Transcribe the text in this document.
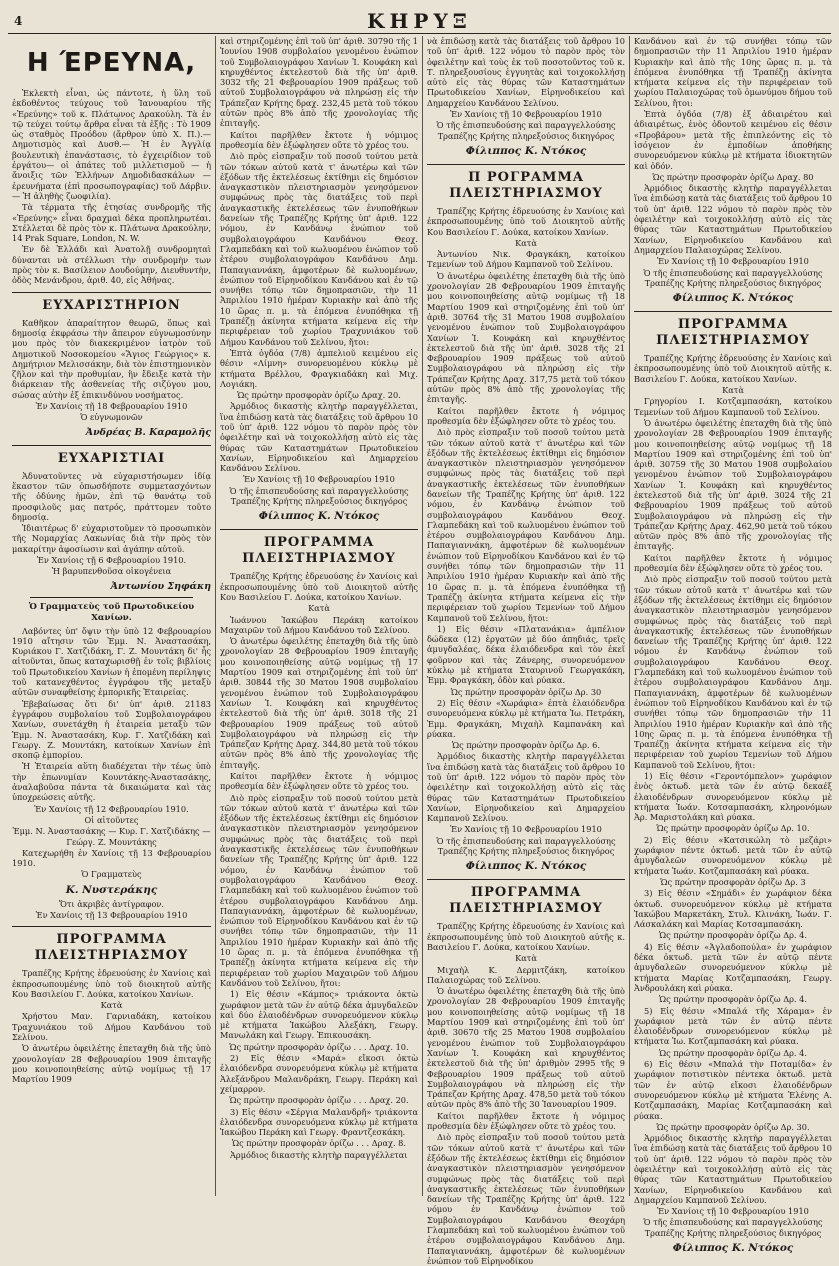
4	ΚΗΡΥΞ
Η ΈΡΕΥΝΑ,

Ἐκλεκτὴ εἶναι, ὡς πάντοτε, ἡ ὕλη τοῦ ἐκδοθέντος τεύχους τοῦ Ἰανουαρίου τῆς «Ἐρεύνης» τοῦ κ. Πλάτωνος Δρακούλη. Τὰ ἐν τῷ τεύχει τούτῳ ἄρθρα εἶναι τὰ ἑξῆς : Τὸ 1909 ὡς σταθμὸς Προόδου (ἄρθρον ὑπὸ Χ. Π.).— Δημοτισμὸς καὶ Δυσθ.— Ἡ ἐν Ἀγγλίᾳ βουλευτικὴ ἐπανάστασις, τὸ ἐγχειρίδιον τοῦ ἐργάτου— οἱ ἀπάτες τοῦ μιλλετισμοῦ — ἡ ἄνοιξις τῶν Ἑλλήνων Δημοδιδασκάλων — ἐρευνήματα (ἐπὶ προσωπογραφίας) τοῦ Δάρβιν. — Ἡ ἀληθὴς ζωοφιλία).

Τὰ τέρματα τῆς ἐτησίας συνδρομῆς τῆς «Ἐρεύνης» εἶναι δραχμαὶ δέκα προπληρωτέαι. Στέλλεται δὲ πρὸς τὸν κ. Πλάτωνα Δρακούλην, 14 Prak Square, London, N. W.

Ἐν δὲ Ἑλλάδι καὶ Ἀνατολῇ συνδρομηταὶ δύνανται νὰ στέλλωσι τὴν συνδρομὴν των πρὸς τὸν κ. Βασίλειον Δουδούμην, Διευθυντὴν, ὁδὸς Μενάνδρου, ἀριθ. 40, εἰς Ἀθήνας.

ΕΥΧΑΡΙΣΤΗΡΙΟΝ

Καθῆκον ἀπαραίτητον θεωρῶ, ὅπως καὶ δημοσίᾳ ἐκφράσω τὴν ἄπειρον εὐγνωμοσύνην μου πρὸς τὸν διακεκριμένον ἰατρὸν τοῦ Δημοτικοῦ Νοσοκομείου «Ἅγιος Γεώργιος» κ. Δημήτριον Μελισσάκην, διὰ τὸν ἐπιστημονικὸν ζῆλον καὶ τὴν προθυμίαν, ἣν ἔδειξε κατὰ τὴν διάρκειαν τῆς ἀσθενείας τῆς σιζύγου μου, σώσας αὐτὴν ἐξ ἐπικινδύνου νοσήματος.

Ἐν Χανίοις τῇ 18 Φεβρουαρίου 1910

Ὁ εὐγνωμονῶν

Ἀνδρέας Β. Καραμολῆς
ΕΥΧΑΡΙΣΤΙΑΙ

Ἀδυνατοῦντες νὰ εὐχαριστήσωμεν ἰδίᾳ ἕκαστον τῶν ὁπωσδήποτε συμμετασχόντων τῆς ὀδύνης ἡμῶν, ἐπὶ τῷ θανάτῳ τοῦ προσφιλοῦς μας πατρός, πράττομεν τοῦτο δημοσίᾳ.

Ἰδιαιτέρως δ' εὐχαριστοῦμεν τὸ προσωπικὸν τῆς Νομαρχίας Λακωνίας διὰ τὴν πρὸς τὸν μακαρίτην ἀφοσίωσιν καὶ ἀγάπην αὐτοῦ.

Ἐν Χανίοις τῇ 6 Φεβρουαρίου 1910.

Ἡ βαρυπενθοῦσα οἰκογένεια

Ἀντωνίου Σηφάκη
Ὁ Γραμματεὺς τοῦ Πρωτοδικείου Χανίων.

Λαβόντες ὑπ' ὄψιν τὴν ὑπὸ 12 Φεβρουαρίου 1910 αἴτησιν τῶν Ἐμμ. Ν. Ἀναστασάκη, Κυριάκου Γ. Χατζιδάκη, Γ. Ζ. Μουντάκη δι' ἧς αἰτοῦνται, ὅπως καταχωρισθῇ ἐν τοῖς βιβλίοις τοῦ Πρωτοδικείου Χανίων ἡ ἐπομένη περίληψις τοῦ κατανεχθέντος ἐγγράφου τῆς μεταξὺ αὐτῶν συναφθείσης ἑμπορικῆς Ἑταιρείας.

Ἐβεβαίωσας ὅτι δι' ὑπ' ἀριθ. 21183 ἐγγράφου συμβολαίου τοῦ Συμβολαιογράφου Χανίων, συνετάχθη ἡ ἑταιρεία μεταξὺ τῶν Ἐμμ. Ν. Ἀναστασάκη, Κυρ. Γ. Χατζιδάκη καὶ Γεωργ. Ζ. Μουντάκη, κατοίκων Χανίων ἐπὶ σκοπῷ ἐμπορίου.

Ἡ Ἑταιρεία αὕτη διαδέχεται τὴν τέως ὑπὸ τὴν ἐπωνυμίαν Κουντάκης-Ἀναστασάκης, ἀναλαβοῦσα πάντα τὰ δικαιώματα καὶ τὰς ὑποχρεώσεις αὐτῆς.

Ἐν Χανίοις τῇ 12 Φεβρουαρίου 1910.

Οἱ αἰτοῦντες

Ἐμμ. Ν. Ἀναστασάκης — Κυρ. Γ. Χατζιδάκης — Γεώργ. Ζ. Μουντάκης

Κατεχωρήθη ἐν Χανίοις τῇ 13 Φεβρουαρίου 1910.

Ὁ Γραμματεὺς

Κ. Νυστεράκης

Ὅτι ἀκριβὲς ἀντίγραφον.

Ἐν Χανίοις τῇ 13 Φεβρουαρίου 1910

ΠΡΟΓΡΑΜΜΑ ΠΛΕΙΣΤΗΡΙΑΣΜΟΥ

Τραπέζης Κρήτης ἑδρευούσης ἐν Χανίοις καὶ ἐκπροσωπουμένης ὑπὸ τοῦ διοικητοῦ αὐτῆς Κου Βασιλείου Γ. Δούκα, κατοίκου Χανίων.

Κατὰ

Χρήστου Μαν. Γαρνιαδάκη, κατοίκου Τραχυνιάκου τοῦ Δήμου Κανδάνου τοῦ Σελίνου.

Ὁ ἀνωτέρω ὀφειλέτης ἐπεταχθη διὰ τῆς ὑπὸ χρονολογίαν 28 Φεβρουαρίου 1909 ἐπιταγῆς μου κοινοποιηθείσης αὐτῷ νομίμως τῇ 17 Μαρτίου 1909

καὶ στηριζομένης ἐπὶ τοῦ ὑπ' ἀριθ. 30790 τῆς 1 Ἰουνίου 1908 συμβολαίου γενομένου ἐνώπιον τοῦ Συμβολαιογράφου Χανίων Ἰ. Κουφάκη καὶ κηρυχθέντος ἐκτελεστοῦ διὰ τῆς ὑπ' ἀριθ. 3032 τῆς 21 Φεβρουαρίου 1909 πράξεως τοῦ αὐτοῦ Συμβολαιογράφου νὰ πληρώσῃ εἰς τὴν Τράπεζαν Κρήτης δραχ. 232,45 μετὰ τοῦ τόκου αὐτῶν πρὸς 8% ἀπὸ τῆς χρονολογίας τῆς ἐπιταγῆς.

Καίτοι παρῆλθεν ἔκτοτε ἡ νόμιμος προθεσμία δὲν ἐξώφλησεν οὔτε τὸ χρέος του.

Διὸ πρὸς εἰσπραξιν τοῦ ποσοῦ τούτου μετὰ τῶν τόκων αὐτοῦ κατὰ τ' ἀνωτέρω καὶ τῶν ἐξόδων τῆς ἐκτελέσεως ἐκτίθημι εἰς δημόσιον ἀναγκαστικὸν πλειστηριασμὸν γενησόμενον συμφώνως πρὸς τὰς διατάξεις τοῦ περὶ ἀναγκαστικῆς ἐκτελέσεως τῶν ἐνυποθήκων δανείων τῆς Τραπέζης Κρήτης ὑπ' ἀριθ. 122 νόμου, ἐν Κανδάνῳ ἐνώπιον τοῦ συμβολαιογράφου Κανδάνου Θεοχ. Γλαμπεδάκη καὶ τοῦ κωλυομένου ἐνώπιον τοῦ ἑτέρου συμβολαιογράφου Κανδάνου Δημ. Παπαγιαννάκη, ἀμφοτέρων δὲ κωλυομένων, ἐνώπιον τοῦ Εἰρηνοδίκου Κανδάνου καὶ ἐν τῷ συνήθει τόπῳ τῶν δημοπρασιῶν, τὴν 11 Ἀπριλίου 1910 ἡμέραν Κυριακὴν καὶ ἀπὸ τῆς 10 ὥρας π. μ. τὰ ἑπόμενα ἐνυπόθηκα τῇ Τραπέζῃ ἀκίνητα κτήματα κείμενα εἰς τὴν περιφέρειαν τοῦ χωρίου Τραχυνιάκου τοῦ Δήμου Κανδάνου τοῦ Σελίνου, ἤτοι:

Ἑπτὰ ὀγδόα (7/8) ἀμπελιοῦ κειμένου εἰς θέσιν «Λίμνη» συνορευομένου κύκλῳ μὲ κτήματα Βρέλλου, Φραγκιαδάκη καὶ Μιχ. Λογιάκη.

Ὡς πρώτην προσφορὰν ὁρίζω Δραχ. 20.

Ἁρμόδιος δικαστὴς κλητὴρ παραγγέλλεται, ἵνα ἐπιδώσῃ κατὰ τὰς διατάξεις τοῦ ἄρθρου 10 τοῦ ὑπ' ἀριθ. 122 νόμου τὸ παρὸν πρὸς τὸν ὀφειλέτην καὶ νὰ τοιχοκολλήσῃ αὐτὸ εἰς τὰς θύρας τῶν Καταστημάτων Πρωτοδικείου Χανίων, Εἰρηνοδικείου καὶ Δημαρχείου Κανδάνου Σελίνου.

Ἐν Χανίοις τῇ 10 Φεβρουαρίου 1910

Ὁ τῆς ἐπισπευδούσης καὶ παραγγελλούσης Τραπέζης Κρήτης πληρεξούσιος δικηγόρος

Φίλιππος Κ. Ντόκος
ΠΡΟΓΡΑΜΜΑ ΠΛΕΙΣΤΗΡΙΑΣΜΟΥ

Τραπέζης Κρήτης ἑδρευούσης ἐν Χανίοις καὶ ἐκπροσωπουμένης ὑπὸ τοῦ Διοικητοῦ αὐτῆς Κου Βασιλείου Γ. Δούκα, κατοίκου Χανίων.

Κατὰ

Ἰωάννου Ἰακώβου Περάκη κατοίκου Μαχαιρῶν τοῦ Δήμου Κανδάνου τοῦ Σελίνου.

Ὁ ἀνωτέρω ὀφειλέτης ἐπεταχθη διὰ τῆς ὑπὸ χρονολογίαν 28 Φεβρουαρίου 1909 ἐπιταγῆς μου κοινοποιηθείσης αὐτῷ νομίμως τῇ 17 Μαρτίου 1909 καὶ στηριζομένης ἐπὶ τοῦ ὑπ' ἀριθ. 30844 τῆς 30 Ματου 1908 συμβολαίου γενομένου ἐνώπιον τοῦ Συμβολαιογράφου Χανίων Ἰ. Κουφάκη καὶ κηρυχθέντος ἐκτελεστοῦ διὰ τῆς ὑπ' ἀριθ. 3018 τῆς 21 Φεβρουαρίου 1909 πράξεως τοῦ αὐτοῦ Συμβολαιογράφου νὰ πληρώσῃ εἰς τὴν Τράπεζαν Κρήτης Δραχ. 344,80 μετὰ τοῦ τόκου αὐτῶν πρὸς 8% ἀπὸ τῆς χρονολογίας τῆς ἐπιταγῆς.

Καίτοι παρῆλθεν ἔκτοτε ἡ νόμιμος προθεσμία δὲν ἐξώφλησεν οὔτε τὸ χρέος του.

Διὸ πρὸς εἰσπραξιν τοῦ ποσοῦ τούτου μετὰ τῶν τόκων αὐτοῦ κατὰ τ' ἀνωτέρω καὶ τῶν ἐξόδων τῆς ἐκτελέσεως ἐκτίθημι εἰς δημόσιον ἀναγκαστικὸν πλειστηριασμὸν γενησόμενον συμφώνως πρὸς τὰς διατάξεις τοῦ περὶ ἀναγκαστικῆς ἐκτελέσεως τῶν ἐνυποθήκων δανείων τῆς Τραπέζης Κρήτης ὑπ' ἀριθ. 122 νόμου, ἐν Κανδάνῳ ἐνώπιον τοῦ συμβολαιογράφου Κανδάνου Θεοχ. Γλαμπεδάκη καὶ τοῦ κωλυομένου ἐνώπιον τοῦ ἑτέρου συμβολαιογράφου Κανδάνου Δημ. Παπαγιαννάκη, ἀμφοτέρων δὲ κωλυομένων, ἐνώπιον τοῦ Εἰρηνοδίκου Κανδάνου καὶ ἐν τῷ συνήθει τόπῳ τῶν δημοπρασιῶν, τὴν 11 Ἀπριλίου 1910 ἡμέραν Κυριακὴν καὶ ἀπὸ τῆς 10 ὥρας π. μ. τὰ ἑπόμενα ἐνυπόθηκα τῇ Τραπέζῃ ἀκίνητα κτήματα κείμενα εἰς τὴν περιφέρειαν τοῦ χωρίου Μαχαιρῶν τοῦ Δήμου Κανδάνου τοῦ Σελίνου, ἤτοι:

1) Εἰς θέσιν «Κάμπος» τριάκοντα ὀκτὼ χωράφιον μετὰ τῶν ἐν αὐτῷ δέκα ἀμυγδαλεῶν καὶ δύο ἐλαιοδένδρων συνορευόμενον κύκλῳ μὲ κτήματα Ἰακώβου Ἀλεξάκη, Γεωργ. Μανωλάκη καὶ Γεωργ. Ἐπικουσάκη.

Ὡς πρώτην προσφορὰν ὁρίζω . . . Δραχ. 10.

2) Εἰς θέσιν «Μαρά» εἴκοσι ὀκτὼ ἐλαιόδενδρα συνορευόμενα κύκλῳ μὲ κτήματα Ἀλεξάνδρου Μαλανδράκη, Γεωργ. Περάκη καὶ χείμαρρον.

Ὡς πρώτην προσφορὰν ὁρίζω . . . Δραχ. 20.

3) Εἰς θέσιν «Σέργια Μαλανδρῆ» τριάκοντα ἐλαιόδενδρα συνορευόμενα κύκλῳ μὲ κτήματα Ἰακώβου Περάκη καὶ Γεωργ. Φραντζεσκάκη.

Ὡς πρώτην προσφορὰν ὁρίζω . . . Δραχ. 8.

Ἁρμόδιος δικαστὴς κλητὴρ παραγγέλλεται

νὰ ἐπιδώσῃ κατὰ τὰς διατάξεις τοῦ ἄρθρου 10 τοῦ ὑπ' ἀριθ. 122 νόμου τὸ παρὸν πρὸς τὸν ὀφειλέτην καὶ τοὺς ἐκ τοῦ ποσοτοῦντος τοῦ κ. Τ. πληρεξουσίους ἐγγυητὰς καὶ τοιχοκολλήσῃ αὐτὸ εἰς τὰς θύρας τῶν Καταστημάτων Πρωτοδικείου Χανίων, Εἰρηνοδικείου καὶ Δημαρχείου Κανδάνου Σελίνου.

Ἐν Χανίοις τῇ 10 Φεβρουαρίου 1910

Ὁ τῆς ἐπισπευδούσης καὶ παραγγελλούσης Τραπέζης Κρήτης πληρεξούσιος δικηγόρος

Φίλιππος Κ. Ντόκος
Π ΡΟΓΡΑΜΜΑ ΠΛΕΙΣΤΗΡΙΑΣΜΟΥ

Τραπέζης Κρήτης ἑδρευούσης ἐν Χανίοις καὶ ἐκπροσωπουμένης ὑπὸ τοῦ Διοικητοῦ αὐτῆς Κου Βασιλείου Γ. Δούκα, κατοίκου Χανίων.

Κατὰ

Ἀντωνίου Νικ. Φραγκάκη, κατοίκου Τεμενίων τοῦ Δήμου Καμπανοῦ τοῦ Σελίνου.

Ὁ ἀνωτέρω ὀφειλέτης ἐπεταχθη διὰ τῆς ὑπὸ χρονολογίαν 28 Φεβρουαρίου 1909 ἐπιταγῆς μου κοινοποιηθείσης αὐτῷ νομίμως τῇ 18 Μαρτίου 1909 καὶ στηριζομένης ἐπὶ τοῦ ὑπ' ἀριθ. 30764 τῆς 31 Ματου 1908 συμβολαίου γενομένου ἐνώπιον τοῦ Συμβολαιογράφου Χανίων Ἰ. Κουφάκη καὶ κηρυχθέντος ἐκτελεστοῦ διὰ τῆς ὑπ' ἀριθ. 3028 τῆς 21 Φεβρουαρίου 1909 πράξεως τοῦ αὐτοῦ Συμβολαιογράφου νὰ πληρώσῃ εἰς τὴν Τράπεζαν Κρήτης Δραχ. 317,75 μετὰ τοῦ τόκου αὐτῶν πρὸς 8% ἀπὸ τῆς χρονολογίας τῆς ἐπιταγῆς.

Καίτοι παρῆλθεν ἔκτοτε ἡ νόμιμος προθεσμία δὲν ἐξώφλησεν οὔτε τὸ χρέος του.

Διὸ πρὸς εἰσπραξιν τοῦ ποσοῦ τούτου μετὰ τῶν τόκων αὐτοῦ κατὰ τ' ἀνωτέρω καὶ τῶν ἐξόδων τῆς ἐκτελέσεως ἐκτίθημι εἰς δημόσιον ἀναγκαστικὸν πλειστηριασμὸν γενησόμενον συμφώνως πρὸς τὰς διατάξεις τοῦ περὶ ἀναγκαστικῆς ἐκτελέσεως τῶν ἐνυποθήκων δανείων τῆς Τραπέζης Κρήτης ὑπ' ἀριθ. 122 νόμου, ἐν Κανδάνῳ ἐνώπιον τοῦ συμβολαιογράφου Κανδάνου Θεοχ. Γλαμπεδάκη καὶ τοῦ κωλυομένου ἐνώπιον τοῦ ἑτέρου συμβολαιογράφου Κανδάνου Δημ. Παπαγιαννάκη, ἀμφοτέρων δὲ κωλυομένων ἐνώπιον τοῦ Εἰρηνοδίκου Κανδάνου καὶ ἐν τῷ συνήθει τόπῳ τῶν δημοπρασιῶν τὴν 11 Ἀπριλίου 1910 ἡμέραν Κυριακὴν καὶ ἀπὸ τῆς 10 ὥρας π. μ. τὰ ἑπόμενα ἐνυπόθηκα τῇ Τραπέζῃ ἀκίνητα κτήματα κείμενα εἰς τὴν περιφέρειαν τοῦ χωρίου Τεμενίων τοῦ Δήμου Καμπανοῦ τοῦ Σελίνου, ἤτοι:

1) Εἰς θέσιν «Πλατανάκια» ἀμπέλιον δώδεκα (12) ἐργατῶν μὲ δύο ἀπηδιάς, τρεῖς ἀμυγδαλέας, δέκα ἐλαιόδενδρα καὶ τὸν ἐκεῖ φοῦρνον καὶ τὰς Ζάνερης, συνορευόμενον κύκλῳ μὲ κτήματα Σταυρινοῦ Γεωργακάκη, Ἐμμ. Φραγκάκη, ὁδὸν καὶ ρύακα.

Ὡς πρώτην προσφορὰν ὁρίζω Δρ. 30

2) Εἰς θέσιν «Χωράφια» ἐπτὰ ἐλαιόδενδρα συνορευόμενα κύκλῳ μὲ κτήματα Ἰω. Πετράκη, Ἐμμ. Φραγκάκη, Μιχαὴλ Καμπανάκη καὶ ρύακα.

Ὡς πρώτην προσφορὰν ὁρίζω Δρ. 6.

Ἁρμόδιος δικαστὴς κλητὴρ παραγγέλλεται ἵνα ἐπιδώσῃ κατὰ τὰς διατάξεις τοῦ ἄρθρου 10 τοῦ ὑπ' ἀριθ. 122 νόμου τὸ παρὸν πρὸς τὸν ὀφειλέτην καὶ τοιχοκολλήσῃ αὐτὸ εἰς τὰς θύρας τῶν Καταστημάτων Πρωτοδικείου Χανίων, Εἰρηνοδικείου καὶ Δημαρχείου Καμπανοῦ Σελίνου.

Ἐν Χανίοις τῇ 10 Φεβρουαρίου 1910

Ὁ τῆς ἐπισπευδούσης καὶ παραγγελλούσης Τραπέζης Κρήτης πληρεξούσιος δικηγόρος

Φίλιππος Κ. Ντόκος
ΠΡΟΓΡΑΜΜΑ ΠΛΕΙΣΤΗΡΙΑΣΜΟΥ

Τραπέζης Κρήτης ἑδρευούσης ἐν Χανίοις καὶ ἐκπροσωπουμένης ὑπὸ τοῦ Διοικητοῦ αὐτῆς κ. Βασιλείου Γ. Δούκα, κατοίκου Χανίων.

Κατὰ

Μιχαὴλ Κ. Δερμιτζάκη, κατοίκου Παλαιοχώρας τοῦ Σελίνου.

Ὁ ἀνωτέρω ὀφειλέτης ἐπεταχθη διὰ τῆς ὑπὸ χρονολογίαν 28 Φεβρουαρίου 1909 ἐπιταγῆς μου κοινοποιηθείσης αὐτῷ νομίμως τῇ 18 Μαρτίου 1909 καὶ στηριζομένης ἐπὶ τοῦ ὑπ' ἀριθ. 30670 τῆς 25 Ματου 1908 συμβολαίου γενομένου ἐνώπιον τοῦ Συμβολαιογράφου Χανίων Ἰ. Κουφάκη καὶ κηρυχθέντος ἐκτελεστοῦ διὰ τῆς ὑπ' ἀριθμὸν 2995 τῆς 9 Φεβρουαρίου 1909 πράξεως τοῦ αὐτοῦ Συμβολαιογράφου νὰ πληρώσῃ εἰς τὴν Τράπεζαν Κρήτης Δραχ. 478,50 μετὰ τοῦ τόκου αὐτῶν πρὸς 8% ἀπὸ τῆς 30 Ἰανουαρίου 1909.

Καίτοι παρῆλθεν ἔκτοτε ἡ νόμιμος προθεσμία δὲν ἐξώφλησεν οὔτε τὸ χρέος του.

Διὸ πρὸς εἰσπραξιν τοῦ ποσοῦ τούτου μετὰ τῶν τόκων αὐτοῦ κατὰ τ' ἀνωτέρω καὶ τῶν ἐξόδων τῆς ἐκτελέσεως ἐκτίθημι εἰς δημόσιον ἀναγκαστικὸν πλειστηριασμὸν γενησόμενον συμφώνως πρὸς τὰς διατάξεις τοῦ περὶ ἀναγκαστικῆς ἐκτελέσεως τῶν ἐνυποθήκων δανείων τῆς Τραπέζης Κρήτης ὑπ' ἀριθ. 122 νόμου ἐν Κανδάνῳ ἐνώπιον τοῦ Συμβολαιογράφου Κανδάνου Θεοχάρη Γλαμπεδάκη καὶ τοῦ κωλυομένου ἐνώπιον τοῦ ἑτέρου συμβολαιογράφου Κανδάνου Δημ. Παπαγιαννάκη, ἀμφοτέρων δὲ κωλυομένων ἐνώπιον τοῦ Εἰρηνοδίκου

Κανδάνου καὶ ἐν τῷ συνήθει τόπῳ τῶν δημοπρασιῶν τὴν 11 Ἀπριλίου 1910 ἡμέραν Κυριακὴν καὶ ἀπὸ τῆς 10ης ὥρας π. μ. τὰ ἑπόμενα ἐνυπόθηκα τῇ Τραπέζῃ ἀκίνητα κτήματα κείμενα εἰς τὴν περιφέρειαν τοῦ χωρίου Παλαιοχώρας τοῦ ὁμωνύμου δήμου τοῦ Σελίνου, ἤτοι:

Ἑπτὰ ὀγδόα (7/8) ἐξ ἀδιαιρέτου καὶ ἀδιαιρέτως, ἑνὸς ὀδοντοῦ κειμένου εἰς θέσιν «Προβάρου» μετὰ τῆς ἐπιπλεόντης εἰς τὸ ἰσόγειον ἐν ἐμποδίων ἀποθήκης συνορευόμενον κύκλῳ μὲ κτήματα ἰδιοκτητῶν καὶ ὁδόν.

Ὡς πρώτην προσφορὰν ὁρίζω Δραχ. 80

Ἁρμόδιος δικαστὴς κλητὴρ παραγγέλλεται ἵνα ἐπιδώσῃ κατὰ τὰς διατάξεις τοῦ ἄρθρου 10 τοῦ ὑπ' ἀριθ. 122 νόμου τὸ παρὸν πρὸς τὸν ὀφειλέτην καὶ τοιχοκολλήσῃ αὐτὸ εἰς τὰς θύρας τῶν Καταστημάτων Πρωτοδικείου Χανίων, Εἰρηνοδικείου Κανδάνου καὶ Δημαρχείου Παλαιοχώρας Σελίνου.

Ἐν Χανίοις τῇ 10 Φεβρουαρίου 1910

Ὁ τῆς ἐπισπευδούσης καὶ παραγγελλούσης Τραπέζης Κρήτης πληρεξούσιος δικηγόρος

Φίλιππος Κ. Ντόκος
ΠΡΟΓΡΑΜΜΑ ΠΛΕΙΣΤΗΡΙΑΣΜΟΥ

Τραπέζης Κρήτης ἑδρευούσης ἐν Χανίοις καὶ ἐκπροσωπουμένης ὑπὸ τοῦ Διοικητοῦ αὐτῆς κ. Βασιλείου Γ. Δούκα, κατοίκου Χανίων.

Κατὰ

Γρηγορίου Ι. Κοτζαμπασάκη, κατοίκου Τεμενίων τοῦ Δήμου Καμπανοῦ τοῦ Σελίνου.

Ὁ ἀνωτέρω ὀφειλέτης ἐπεταχθη διὰ τῆς ὑπὸ χρονολογίαν 28 Φεβρουαρίου 1909 ἐπιταγῆς μου κοινοποιηθείσης αὐτῷ νομίμως τῇ 18 Μαρτίου 1909 καὶ στηριζομένης ἐπὶ τοῦ ὑπ' ἀριθ. 30759 τῆς 30 Ματου 1908 συμβολαίου γενομένου ἐνώπιον τοῦ Συμβολαιογράφου Χανίων Ἰ. Κουφάκη καὶ κηρυχθέντος ἐκτελεστοῦ διὰ τῆς ὑπ' ἀριθ. 3024 τῆς 21 Φεβρουαρίου 1909 πράξεως τοῦ αὐτοῦ Συμβολαιογράφου νὰ πληρώσῃ εἰς τὴν Τράπεζαν Κρήτης Δραχ. 462,90 μετὰ τοῦ τόκου αὐτῶν πρὸς 8% ἀπὸ τῆς χρονολογίας τῆς ἐπιταγῆς.

Καίτοι παρῆλθεν ἔκτοτε ἡ νόμιμος προθεσμία δὲν ἐξώφλησεν οὔτε τὸ χρέος του.

Διὸ πρὸς εἰσπραξιν τοῦ ποσοῦ τούτου μετὰ τῶν τόκων αὐτοῦ κατὰ τ' ἀνωτέρω καὶ τῶν ἐξόδων τῆς ἐκτελέσεως ἐκτίθημι εἰς δημόσιον ἀναγκαστικὸν πλειστηριασμὸν γενησόμενον συμφώνως πρὸς τὰς διατάξεις τοῦ περὶ ἀναγκαστικῆς ἐκτελέσεως τῶν ἐνυποθήκων δανείων τῆς Τραπέζης Κρήτης ὑπ' ἀριθ. 122 νόμου ἐν Κανδάνῳ ἐνώπιον τοῦ συμβολαιογράφου Κανδάνου Θεοχ. Γλαμπεδάκη καὶ τοῦ κωλυομένου ἐνώπιον τοῦ ἑτέρου συμβολαιογράφου Κανδάνου Δημ. Παπαγιαννάκη, ἀμφοτέρων δὲ κωλυομένων ἐνώπιον τοῦ Εἰρηνοδίκου Κανδάνου καὶ ἐν τῷ συνήθει τόπῳ τῶν δημοπρασιῶν τὴν 11 Ἀπριλίου 1910 ἡμέραν Κυριακὴν καὶ ἀπὸ τῆς 10ης ὥρας π. μ. τὰ ἑπόμενα ἐνυπόθηκα τῇ Τραπέζῃ ἀκίνητα κτήματα κείμενα εἰς τὴν περιφέρειαν τοῦ χωρίου Τεμενίων τοῦ Δήμου Καμπανοῦ τοῦ Σελίνου, ἤτοι:

1) Εἰς θέσιν «Γεροντόμπελον» χωράφιον ἑνὸς ὀκτωδ. μετὰ τῶν ἐν αὐτῷ δεκαέξ ἐλαιοδένδρων συνορευόμενον κύκλῳ μὲ κτήματα Ἰωάν. Κοτσαμπασάκη, κληρονόμων Ἀρ. Μαριστολάκη καὶ ρύακα.

Ὡς πρώτην προσφορὰν ὁρίζω Δρ. 10.

2) Εἰς θέσιν «Κατσικώλη τὸ μεζάρι» χωράφιον πέντε ὀκτωδ. μετὰ τῶν ἐν αὐτῷ ἀμυγδαλεῶν συνορευόμενον κύκλῳ μὲ κτήματα Ἰωάν. Κοτζαμπασάκη καὶ ρύακα.

Ὡς πρώτην προσφορὰν ὁρίζω Δρ. 3

3) Εἰς θέσιν «Σημάδι» ἐν χωράφιον δέκα ὀκτωδ. συνορευόμενον κύκλῳ μὲ κτήματα Ἰακώβου Μαρκετάκη, Στυλ. Κλινάκη, Ἰωάν. Γ. Λάσκαλάκη καὶ Μαρίας Κοτσαμπασάκη.

Ὡς πρώτην προσφορὰν ὁρίζω Δρ. 4.

4) Εἰς θέσιν «Ἀγλαδοπούλα» ἐν χωράφιον δέκα ὀκτωδ. μετὰ τῶν ἐν αὐτῷ πέντε ἀμυγδαλεῶν συνορευόμενον κύκλῳ μὲ κτήματα Μαρίας Κοτζαμπασάκη, Γεωργ. Ἀνδρουλάκη καὶ ρύακα.

Ὡς πρώτην προσφορὰν ὁρίζω Δρ. 4.

5) Εἰς θέσιν «Μπαλά τῆς Χάραμα» ἐν χωράφιον μετὰ τῶν ἐν αὐτῷ πέντε ἐλαιοδένδρων συνορευόμενον κύκλῳ μὲ κτήματα Ἰω. Κοτζαμπασάκη καὶ ρύακα.

Ὡς πρώτην προσφορὰν ὁρίζω Δρ. 4.

6) Εἰς θέσιν «Μπαλά τὴν Ποταμίδα» ἐν χωράφιον ποτιστικὸν πέντεκα ὀκτωδ. μετὰ τῶν ἐν αὐτῷ εἴκοσι ἐλαιοδένδρων συνορευόμενον κύκλῳ μὲ κτήματα Ἐλένης Α. Κοτζαμπασάκη, Μαρίας Κοτζαμπασάκη καὶ ρύακα.

Ὡς πρώτην προσφορὰν ὁρίζω Δρ. 30.

Ἁρμόδιος δικαστὴς κλητὴρ παραγγέλλεται ἵνα ἐπιδώσῃ κατὰ τὰς διατάξεις τοῦ ἄρθρου 10 τοῦ ὑπ' ἀριθ. 122 νόμου τὸ παρὸν πρὸς τὸν ὀφειλέτην καὶ τοιχοκολλήσῃ αὐτὸ εἰς τὰς θύρας τῶν Καταστημάτων Πρωτοδικείου Χανίων, Εἰρηνοδικείου Κανδάνου καὶ Δημαρχείου Καμπανοῦ Σελίνου.

Ἐν Χανίοις τῇ 10 Φεβρουαρίου 1910

Ὁ τῆς ἐπισπευδούσης καὶ παραγγελλούσης Τραπέζης Κρήτης πληρεξούσιος δικηγόρος

Φίλιππος Κ. Ντόκος
